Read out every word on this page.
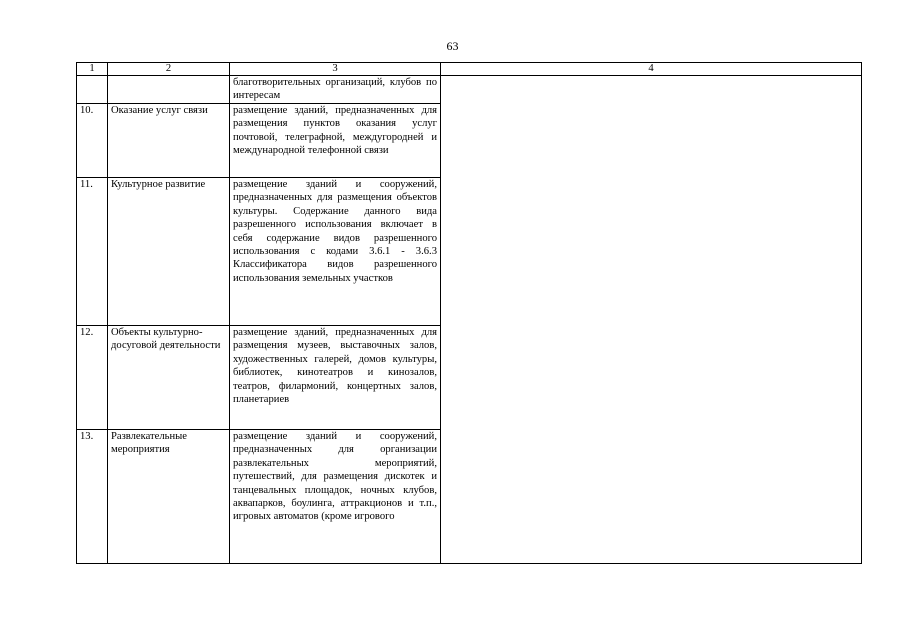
63
1	2	3	4
		благотворительных организаций, клубов по интересам	
10.	Оказание услуг связи	размещение зданий, предназначенных для размещения пунктов оказания услуг почтовой, телеграфной, междугородней и международной телефонной связи	
11.	Культурное развитие	размещение зданий и сооружений, предназначенных для размещения объектов культуры. Содержание данного вида разрешенного использования включает в себя содержание видов разрешенного использования с кодами 3.6.1 - 3.6.3 Классификатора видов разрешенного использования земельных участков	
12.	Объекты культурно-досуговой деятельности	размещение зданий, предназначенных для размещения музеев, выставочных залов, художественных галерей, домов культуры, библиотек, кинотеатров и кинозалов, театров, филармоний, концертных залов, планетариев	
13.	Развлекательные мероприятия	размещение зданий и сооружений, предназначенных для организации развлекательных мероприятий, путешествий, для размещения дискотек и танцевальных площадок, ночных клубов, аквапарков, боулинга, аттракционов и т.п., игровых автоматов (кроме игрового	
